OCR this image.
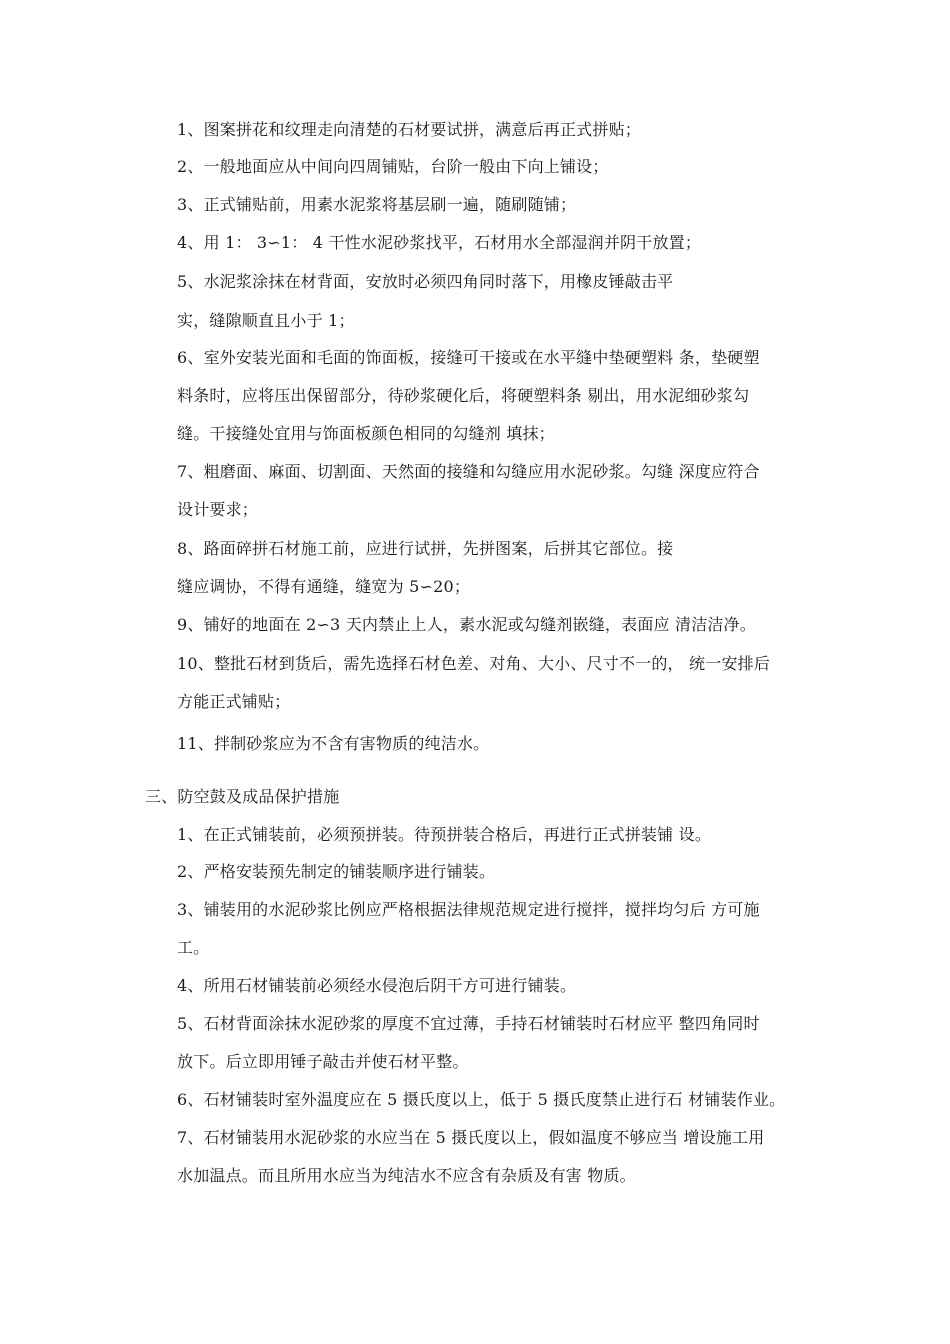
1、图案拼花和纹理走向清楚的石材要试拼，满意后再正式拼贴；
2、一般地面应从中间向四周铺贴，台阶一般由下向上铺设；
3、正式铺贴前，用素水泥浆将基层刷一遍，随刷随铺；
4、用 1： 3∽1： 4 干性水泥砂浆找平，石材用水全部湿润并阴干放置；
5、水泥浆涂抹在材背面，安放时必须四角同时落下，用橡皮锤敲击平
实，缝隙顺直且小于 1；
6、室外安装光面和毛面的饰面板，接缝可干接或在水平缝中垫硬塑料 条，垫硬塑
料条时，应将压出保留部分，待砂浆硬化后，将硬塑料条 剔出，用水泥细砂浆勾
缝。干接缝处宜用与饰面板颜色相同的勾缝剂 填抹；
7、粗磨面、麻面、切割面、天然面的接缝和勾缝应用水泥砂浆。勾缝 深度应符合
设计要求；
8、路面碎拼石材施工前，应进行试拼，先拼图案，后拼其它部位。接
缝应调协，不得有通缝，缝宽为 5∽20；
9、铺好的地面在 2∽3 天内禁止上人，素水泥或勾缝剂嵌缝，表面应 清洁洁净。
10、整批石材到货后，需先选择石材色差、对角、大小、尺寸不一的， 统一安排后
方能正式铺贴；
11、拌制砂浆应为不含有害物质的纯洁水。
三、防空鼓及成品保护措施
1、在正式铺装前，必须预拼装。待预拼装合格后，再进行正式拼装铺 设。
2、严格安装预先制定的铺装顺序进行铺装。
3、铺装用的水泥砂浆比例应严格根据法律规范规定进行搅拌，搅拌均匀后 方可施
工。
4、所用石材铺装前必须经水侵泡后阴干方可进行铺装。
5、石材背面涂抹水泥砂浆的厚度不宜过薄，手持石材铺装时石材应平 整四角同时
放下。后立即用锤子敲击并使石材平整。
6、石材铺装时室外温度应在 5 摄氏度以上，低于 5 摄氏度禁止进行石 材铺装作业。
7、石材铺装用水泥砂浆的水应当在 5 摄氏度以上，假如温度不够应当 增设施工用
水加温点。而且所用水应当为纯洁水不应含有杂质及有害 物质。
